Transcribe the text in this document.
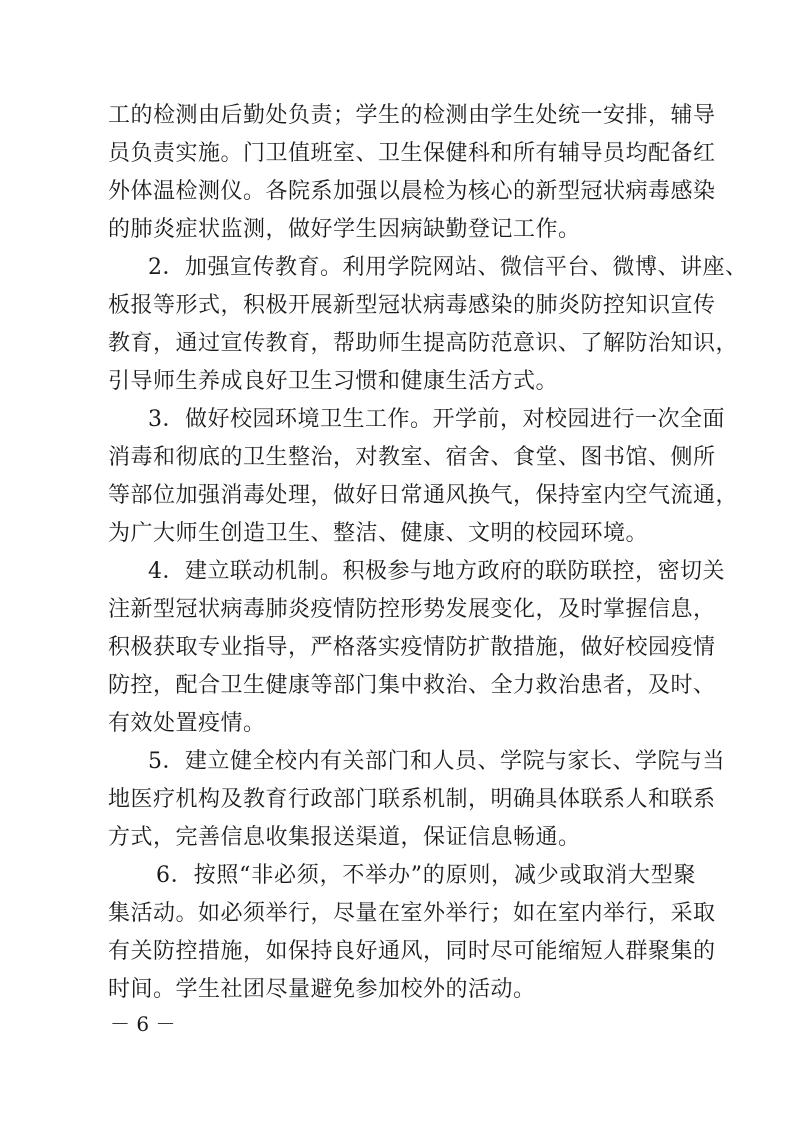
工的检测由后勤处负责；学生的检测由学生处统一安排，辅导
员负责实施。门卫值班室、卫生保健科和所有辅导员均配备红
外体温检测仪。各院系加强以晨检为核心的新型冠状病毒感染
的肺炎症状监测，做好学生因病缺勤登记工作。
2．加强宣传教育。利用学院网站、微信平台、微博、讲座、
板报等形式，积极开展新型冠状病毒感染的肺炎防控知识宣传
教育，通过宣传教育，帮助师生提高防范意识、了解防治知识，
引导师生养成良好卫生习惯和健康生活方式。
3．做好校园环境卫生工作。开学前，对校园进行一次全面
消毒和彻底的卫生整治，对教室、宿舍、食堂、图书馆、侧所
等部位加强消毒处理，做好日常通风换气，保持室内空气流通，
为广大师生创造卫生、整洁、健康、文明的校园环境。
4．建立联动机制。积极参与地方政府的联防联控，密切关
注新型冠状病毒肺炎疫情防控形势发展变化，及时掌握信息，
积极获取专业指导，严格落实疫情防扩散措施，做好校园疫情
防控，配合卫生健康等部门集中救治、全力救治患者，及时、
有效处置疫情。
5．建立健全校内有关部门和人员、学院与家长、学院与当
地医疗机构及教育行政部门联系机制，明确具体联系人和联系
方式，完善信息收集报送渠道，保证信息畅通。
6．按照“非必须，不举办”的原则，减少或取消大型聚
集活动。如必须举行，尽量在室外举行；如在室内举行，采取
有关防控措施，如保持良好通风，同时尽可能缩短人群聚集的
时间。学生社团尽量避免参加校外的活动。
－ 6 －
